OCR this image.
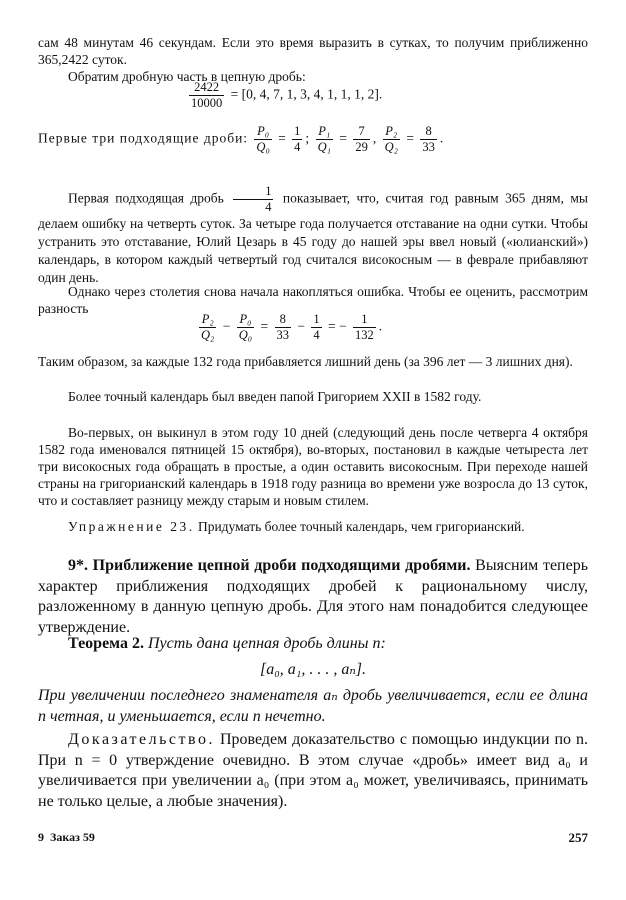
сам 48 минутам 46 секундам. Если это время выразить в сутках, то получим приближенно 365,2422 суток.
Обратим дробную часть в цепную дробь:
$\frac{2422}{10000} = [0$, 4, 7, 1, 3, 4, 1, 1, 1, 2].
Первые три подходящие дроби: $\frac{\text{P₀}}{\text{Q₀}} = \frac{1}{4}$ ; $\frac{\text{P₁}}{\text{Q₁}} = \frac{7}{29}$ , $\frac{\text{P₂}}{\text{Q₂}} = \frac{8}{33}$ .
Первая подходящая дробь $\frac{1}{4}$ показывает, что, считая год равным 365 дням, мы делаем ошибку на четверть суток. За четыре года получается отставание на одни сутки. Чтобы устранить это отставание, Юлий Цезарь в 45 году до нашей эры ввел новый («юлианский») календарь, в котором каждый четвертый год считался високосным — в феврале прибавляют один день.
Однако через столетия снова начала накопляться ошибка. Чтобы ее оценить, рассмотрим разность
$\frac{\text{P₂}}{\text{Q₂}} - \frac{\text{P₀}}{\text{Q₀}} = \frac{8}{33} - \frac{1}{4}$ = − $\frac{1}{132}$ .
Таким образом, за каждые 132 года прибавляется лишний день (за 396 лет — 3 лишних дня).
Более точный календарь был введен папой Григорием XXII в 1582 году.
Во-первых, он выкинул в этом году 10 дней (следующий день после четверга 4 октября 1582 года именовался пятницей 15 октября), во-вторых, постановил в каждые четыреста лет три високосных года обращать в простые, а один оставить високосным. При переходе нашей страны на григорианский календарь в 1918 году разница во времени уже возросла до 13 суток, что и составляет разницу между старым и новым стилем.
Упражнение 23. Придумать более точный календарь, чем григорианский.
9*. Приближение цепной дроби подходящими дробями. Выясним теперь характер приближения подходящих дробей к рациональному числу, разложенному в данную цепную дробь. Для этого нам понадобится следующее утверждение.
Теорема 2. Пусть дана цепная дробь длины n:
[a₀, a₁, . . . , aₙ].
При увеличении последнего знаменателя aₙ дробь увеличивается, если ее длина n четная, и уменьшается, если n нечетно.
Доказательство. Проведем доказательство с помощью индукции по n. При n = 0 утверждение очевидно. В этом случае «дробь» имеет вид a₀ и увеличивается при увеличении a₀ (при этом a₀ может, увеличиваясь, принимать не только целые, а любые значения).
9  Заказ 59	257
